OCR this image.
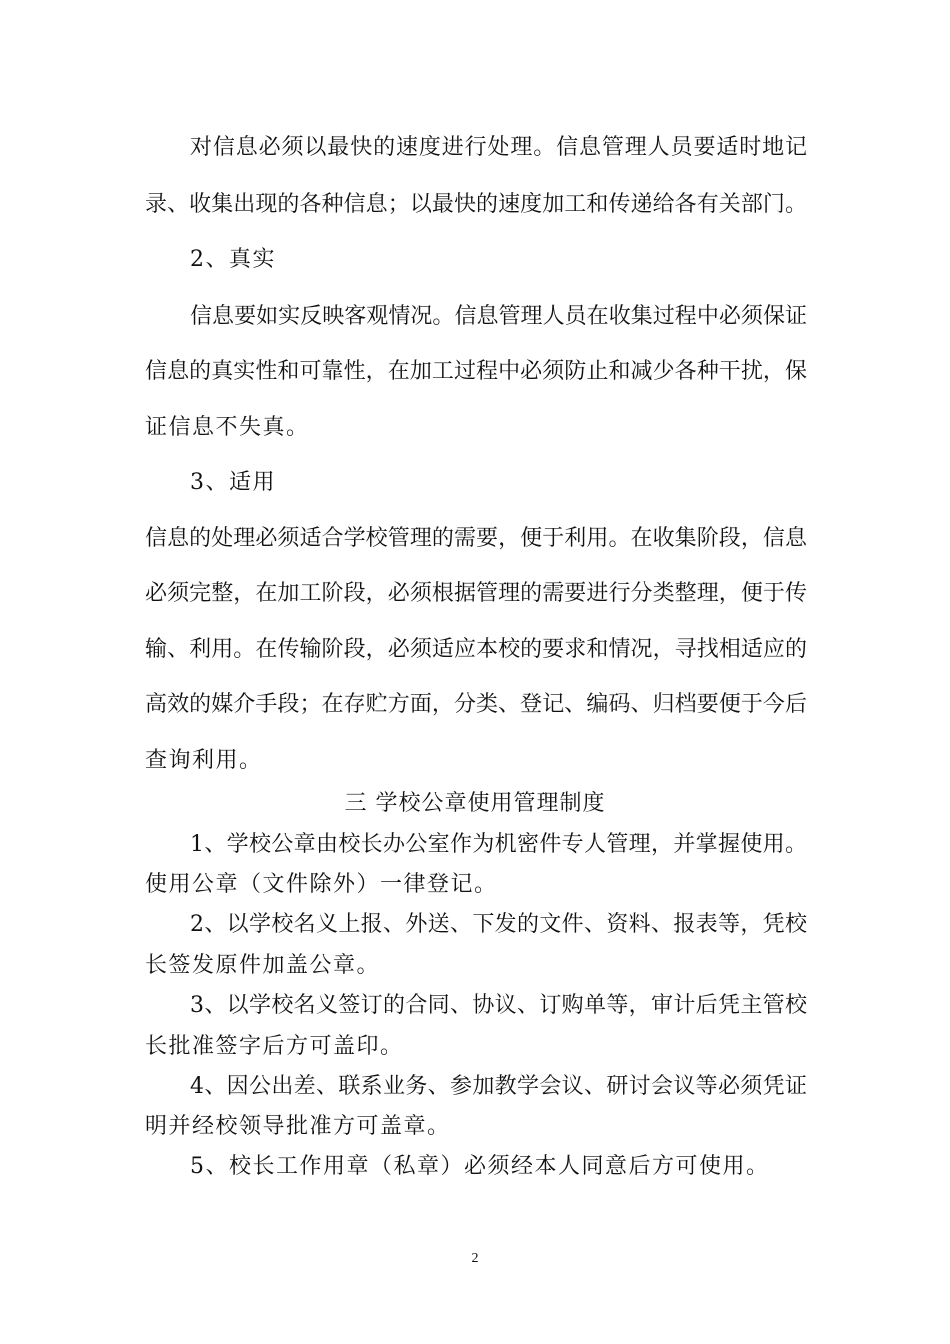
对信息必须以最快的速度进行处理。信息管理人员要适时地记
录、收集出现的各种信息；以最快的速度加工和传递给各有关部门。
2、真实
信息要如实反映客观情况。信息管理人员在收集过程中必须保证
信息的真实性和可靠性，在加工过程中必须防止和减少各种干扰，保
证信息不失真。
3、适用
信息的处理必须适合学校管理的需要，便于利用。在收集阶段，信息
必须完整，在加工阶段，必须根据管理的需要进行分类整理，便于传
输、利用。在传输阶段，必须适应本校的要求和情况，寻找相适应的
高效的媒介手段；在存贮方面，分类、登记、编码、归档要便于今后
查询利用。
三 学校公章使用管理制度
1、学校公章由校长办公室作为机密件专人管理，并掌握使用。
使用公章（文件除外）一律登记。
2、以学校名义上报、外送、下发的文件、资料、报表等，凭校
长签发原件加盖公章。
3、以学校名义签订的合同、协议、订购单等，审计后凭主管校
长批准签字后方可盖印。
4、因公出差、联系业务、参加教学会议、研讨会议等必须凭证
明并经校领导批准方可盖章。
5、校长工作用章（私章）必须经本人同意后方可使用。
2
